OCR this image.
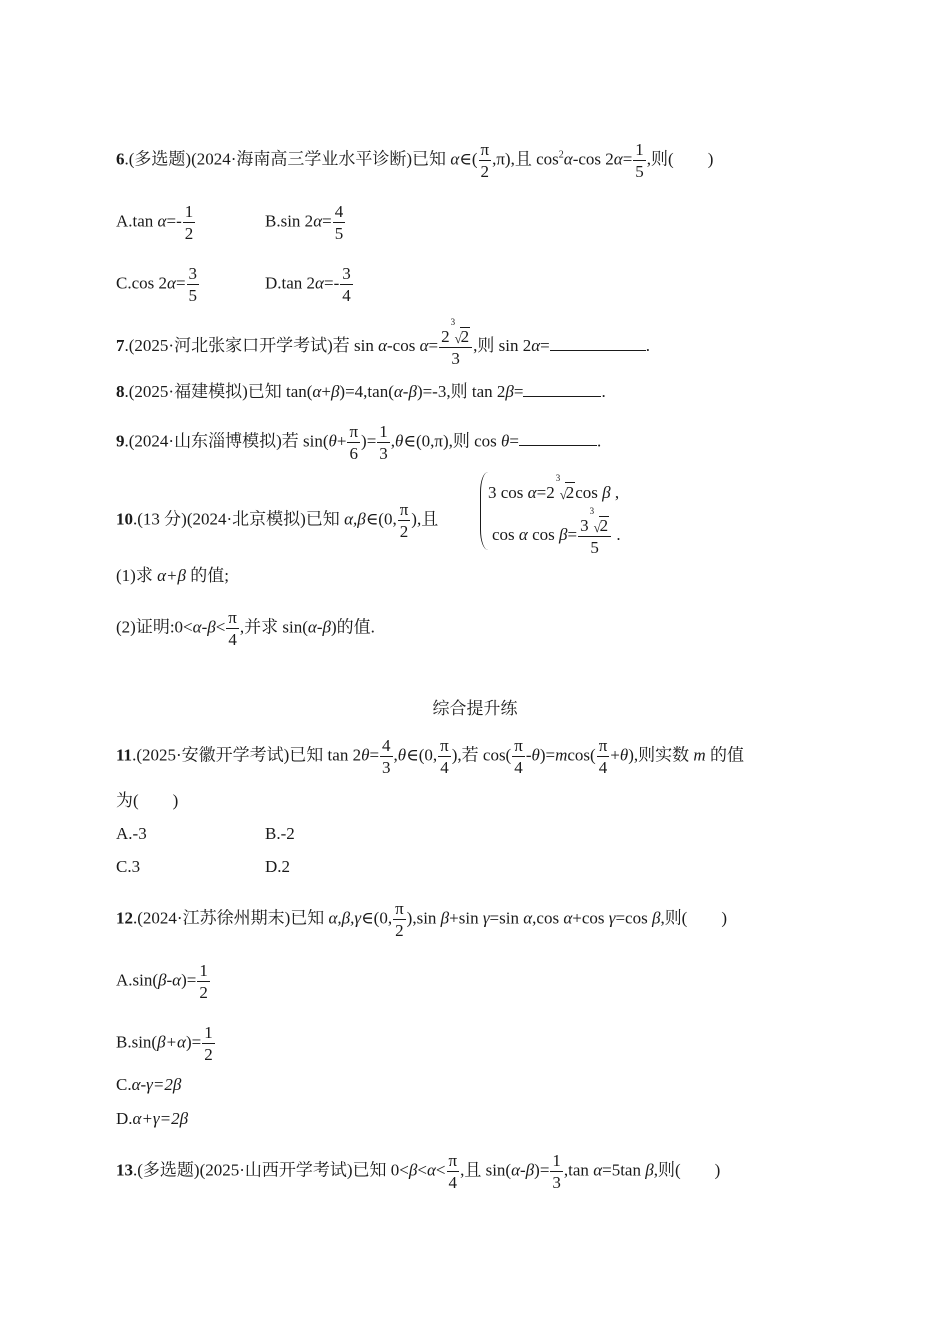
6.(多选题)(2024·海南高三学业水平诊断)已知 α∈( $\frac{\pi}{2} ,\pi$),且 $\cos^2\alpha-\cos$ $2\alpha= \frac{1}{5}$ ,则(　　)
A.tan $\alpha=- \frac{1}{2}$	B.sin $2\alpha= \frac{4}{5}$
C.cos $2\alpha= \frac{3}{5}$	D.tan $2\alpha=- \frac{3}{4}$
7.(2025·河北张家口开学考试)若 sin α-cos α= 2
3
√
2
3 ,则 sin 2α=	.
8.(2025·福建模拟)已知 tan(α+β)=4,tan(α-β)=-3,则 tan 2β=	.
9.(2024·山东淄博模拟)若 $\sin(\theta+ \frac{\pi}{6}$ )= $\frac{1}{3}$ ,θ∈(0,π),则 cos θ=	.
10.(13 分)(2024·北京模拟)已知 α,β∈(0, $\frac{\pi}{2}$ ),且
3 cos α=2
3
√
2cos β ,
cos α cos β= 3
3
√
2
5 .
(1)求 α+β 的值;
(2)证明:0<α-β< $\frac{\pi}{4}$ ,并求 sin(α-β)的值.
综合提升练
11.(2025·安徽开学考试)已知 $\tan 2\theta= \frac{4}{3}$ ,θ∈(0, $\frac{\pi}{4}$ ),若 $\cos( \frac{\pi}{4} -\theta)=mcos( \frac{\pi}{4} +\theta)$,则实数 m 的值
为(　　)
A.-3	B.-2
C.3	D.2
12.(2024·江苏徐州期末)已知 α,β,γ∈(0, $\frac{\pi}{2} ),\sin$ β+sin γ=sin α,cos α+cos γ=cos β,则(　　)
$A.\sin(\beta-\alpha)= \frac{1}{2}$
$B.\sin(\beta+\alpha)= \frac{1}{2}$
C.α-γ=2β
D.α+γ=2β
13.(多选题)(2025·山西开学考试)已知 $0<\beta<\alpha< \frac{\pi}{4}$ ,且 $\sin(\alpha-\beta)= \frac{1}{3} ,\tan$ α=5tan β,则(　　)
